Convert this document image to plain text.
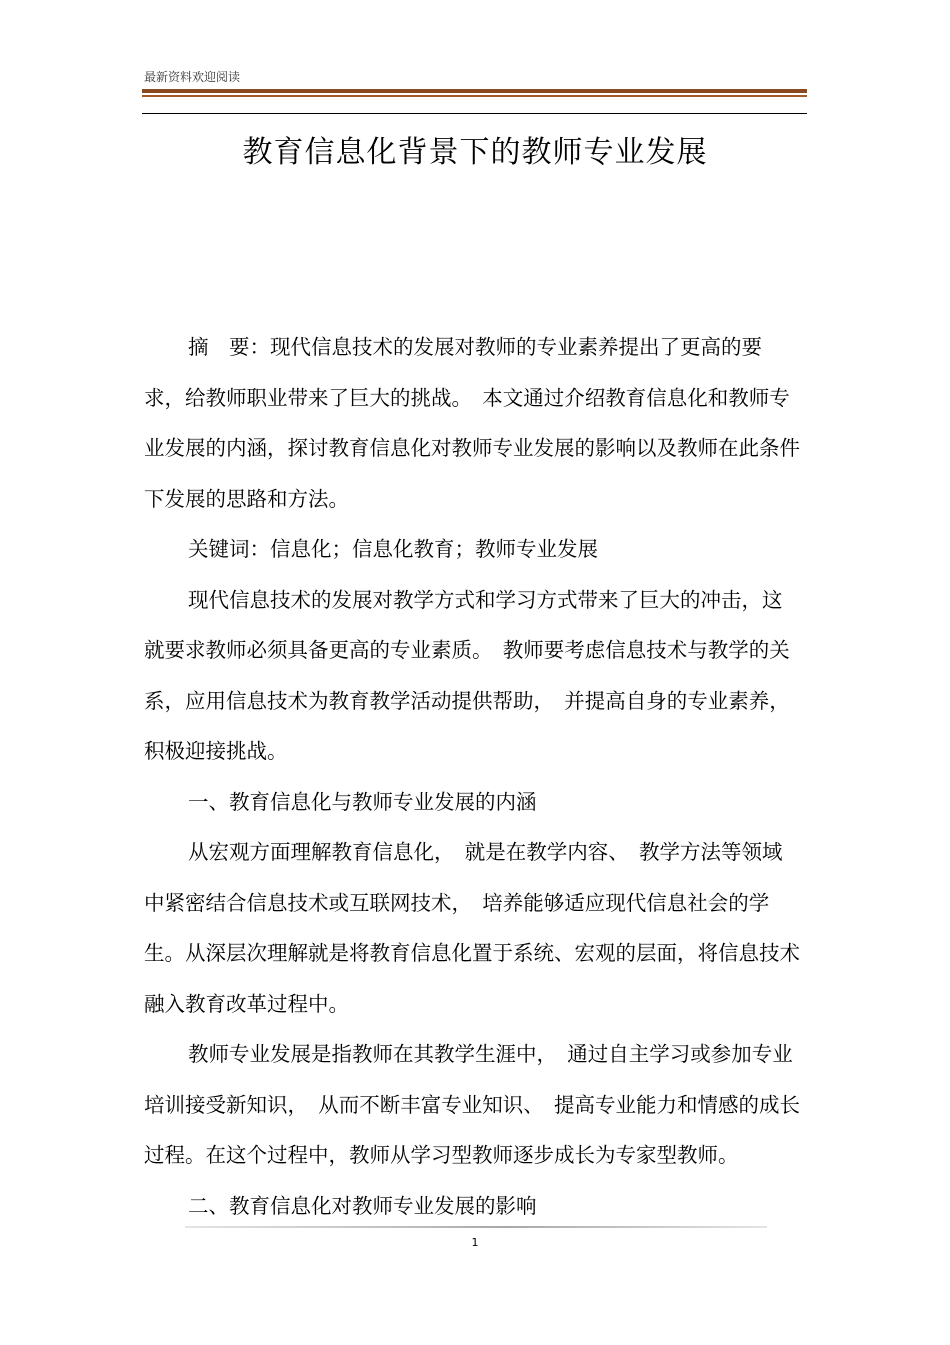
最新资料欢迎阅读
教育信息化背景下的教师专业发展

摘　要：现代信息技术的发展对教师的专业素养提出了更高的要求，给教师职业带来了巨大的挑战。　本文通过介绍教育信息化和教师专业发展的内涵，探讨教育信息化对教师专业发展的影响以及教师在此条件下发展的思路和方法。

关键词：信息化；信息化教育；教师专业发展

现代信息技术的发展对教学方式和学习方式带来了巨大的冲击，这就要求教师必须具备更高的专业素质。　教师要考虑信息技术与教学的关系，应用信息技术为教育教学活动提供帮助，　并提高自身的专业素养，积极迎接挑战。

一、教育信息化与教师专业发展的内涵

从宏观方面理解教育信息化，　就是在教学内容、　教学方法等领域中紧密结合信息技术或互联网技术，　培养能够适应现代信息社会的学生。从深层次理解就是将教育信息化置于系统、宏观的层面，将信息技术融入教育改革过程中。

教师专业发展是指教师在其教学生涯中，　通过自主学习或参加专业培训接受新知识，　从而不断丰富专业知识、　提高专业能力和情感的成长过程。在这个过程中，教师从学习型教师逐步成长为专家型教师。

二、教育信息化对教师专业发展的影响

1
